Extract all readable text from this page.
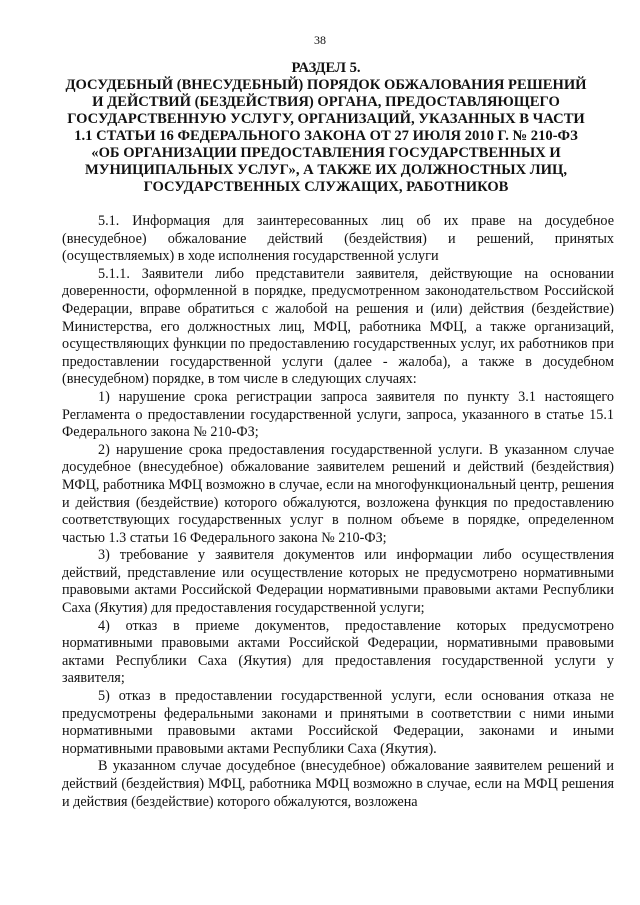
38
РАЗДЕЛ 5.
ДОСУДЕБНЫЙ (ВНЕСУДЕБНЫЙ) ПОРЯДОК ОБЖАЛОВАНИЯ РЕШЕНИЙ И ДЕЙСТВИЙ (БЕЗДЕЙСТВИЯ) ОРГАНА, ПРЕДОСТАВЛЯЮЩЕГО ГОСУДАРСТВЕННУЮ УСЛУГУ, ОРГАНИЗАЦИЙ, УКАЗАННЫХ В ЧАСТИ 1.1 СТАТЬИ 16 ФЕДЕРАЛЬНОГО ЗАКОНА ОТ 27 ИЮЛЯ 2010 Г. № 210-ФЗ «ОБ ОРГАНИЗАЦИИ ПРЕДОСТАВЛЕНИЯ ГОСУДАРСТВЕННЫХ И МУНИЦИПАЛЬНЫХ УСЛУГ», А ТАКЖЕ ИХ ДОЛЖНОСТНЫХ ЛИЦ, ГОСУДАРСТВЕННЫХ СЛУЖАЩИХ, РАБОТНИКОВ

5.1. Информация для заинтересованных лиц об их праве на досудебное (внесудебное) обжалование действий (бездействия) и решений, принятых (осуществляемых) в ходе исполнения государственной услуги

5.1.1. Заявители либо представители заявителя, действующие на основании доверенности, оформленной в порядке, предусмотренном законодательством Российской Федерации, вправе обратиться с жалобой на решения и (или) действия (бездействие) Министерства, его должностных лиц, МФЦ, работника МФЦ, а также организаций, осуществляющих функции по предоставлению государственных услуг, их работников при предоставлении государственной услуги (далее - жалоба), а также в досудебном (внесудебном) порядке, в том числе в следующих случаях:

1) нарушение срока регистрации запроса заявителя по пункту 3.1 настоящего Регламента о предоставлении государственной услуги, запроса, указанного в статье 15.1 Федерального закона № 210-ФЗ;

2) нарушение срока предоставления государственной услуги. В указанном случае досудебное (внесудебное) обжалование заявителем решений и действий (бездействия) МФЦ, работника МФЦ возможно в случае, если на многофункциональный центр, решения и действия (бездействие) которого обжалуются, возложена функция по предоставлению соответствующих государственных услуг в полном объеме в порядке, определенном частью 1.3 статьи 16 Федерального закона № 210-ФЗ;

3) требование у заявителя документов или информации либо осуществления действий, представление или осуществление которых не предусмотрено нормативными правовыми актами Российской Федерации нормативными правовыми актами Республики Саха (Якутия) для предоставления государственной услуги;

4) отказ в приеме документов, предоставление которых предусмотрено нормативными правовыми актами Российской Федерации, нормативными правовыми актами Республики Саха (Якутия) для предоставления государственной услуги у заявителя;

5) отказ в предоставлении государственной услуги, если основания отказа не предусмотрены федеральными законами и принятыми в соответствии с ними иными нормативными правовыми актами Российской Федерации, законами и иными нормативными правовыми актами Республики Саха (Якутия).

В указанном случае досудебное (внесудебное) обжалование заявителем решений и действий (бездействия) МФЦ, работника МФЦ возможно в случае, если на МФЦ решения и действия (бездействие) которого обжалуются, возложена
